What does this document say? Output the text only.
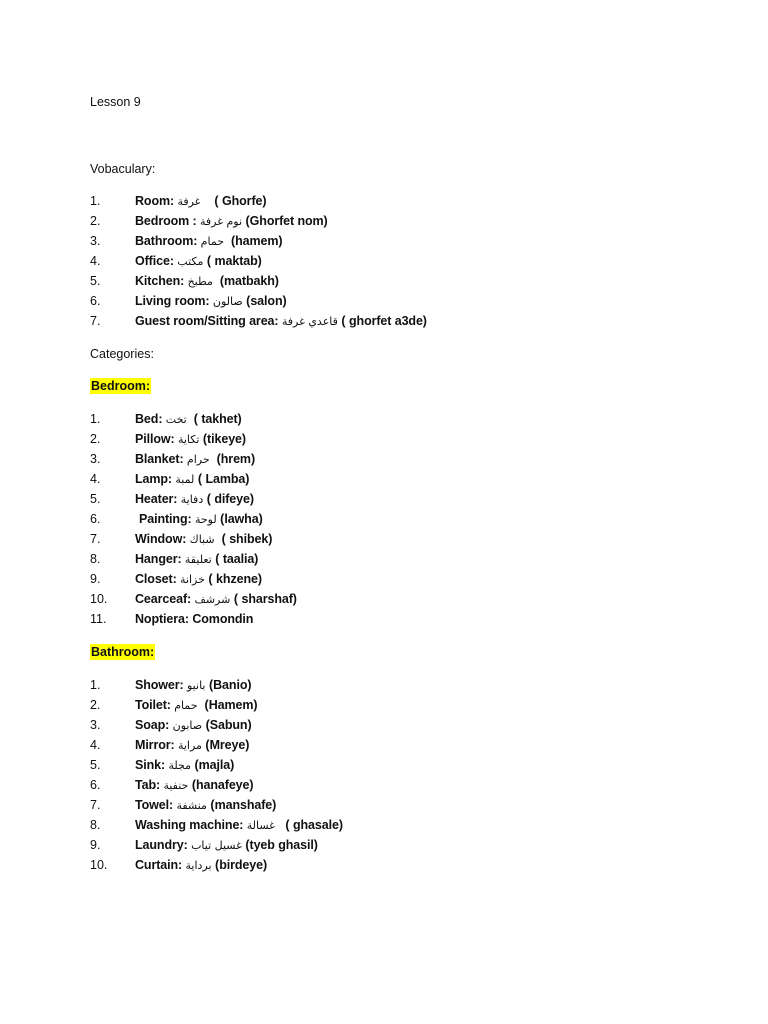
Lesson 9
Vobaculary:
1.	Room: غرفة ( Ghorfe)
2.	Bedroom : نوم غرفة (Ghorfet nom)
3.	Bathroom: حمام (hamem)
4.	Office: مكتب ( maktab)
5.	Kitchen: مطبخ (matbakh)
6.	Living room: صالون (salon)
7.	Guest room/Sitting area: قاعدي غرفة ( ghorfet a3de)
Categories:
Bedroom:
1.	Bed: تخت ( takhet)
2.	Pillow: تكاية (tikeye)
3.	Blanket: حرام (hrem)
4.	Lamp: لمبة ( Lamba)
5.	Heater: دفاية ( difeye)
6.	Painting: لوحة (lawha)
7.	Window: شباك ( shibek)
8.	Hanger: تعليقة ( taalia)
9.	Closet: خزانة ( khzene)
10. Cearceaf: شرشف ( sharshaf)
11. Noptiera: Comondin
Bathroom:
1.	Shower: بانيو (Banio)
2.	Toilet: حمام (Hamem)
3.	Soap: صابون (Sabun)
4.	Mirror: مراية (Mreye)
5.	Sink: مجلة (majla)
6.	Tab: حنفية (hanafeye)
7.	Towel: منشفة (manshafe)
8.	Washing machine: غسالة ( ghasale)
9.	Laundry: غسيل تياب (tyeb ghasil)
10. Curtain: برداية (birdeye)
